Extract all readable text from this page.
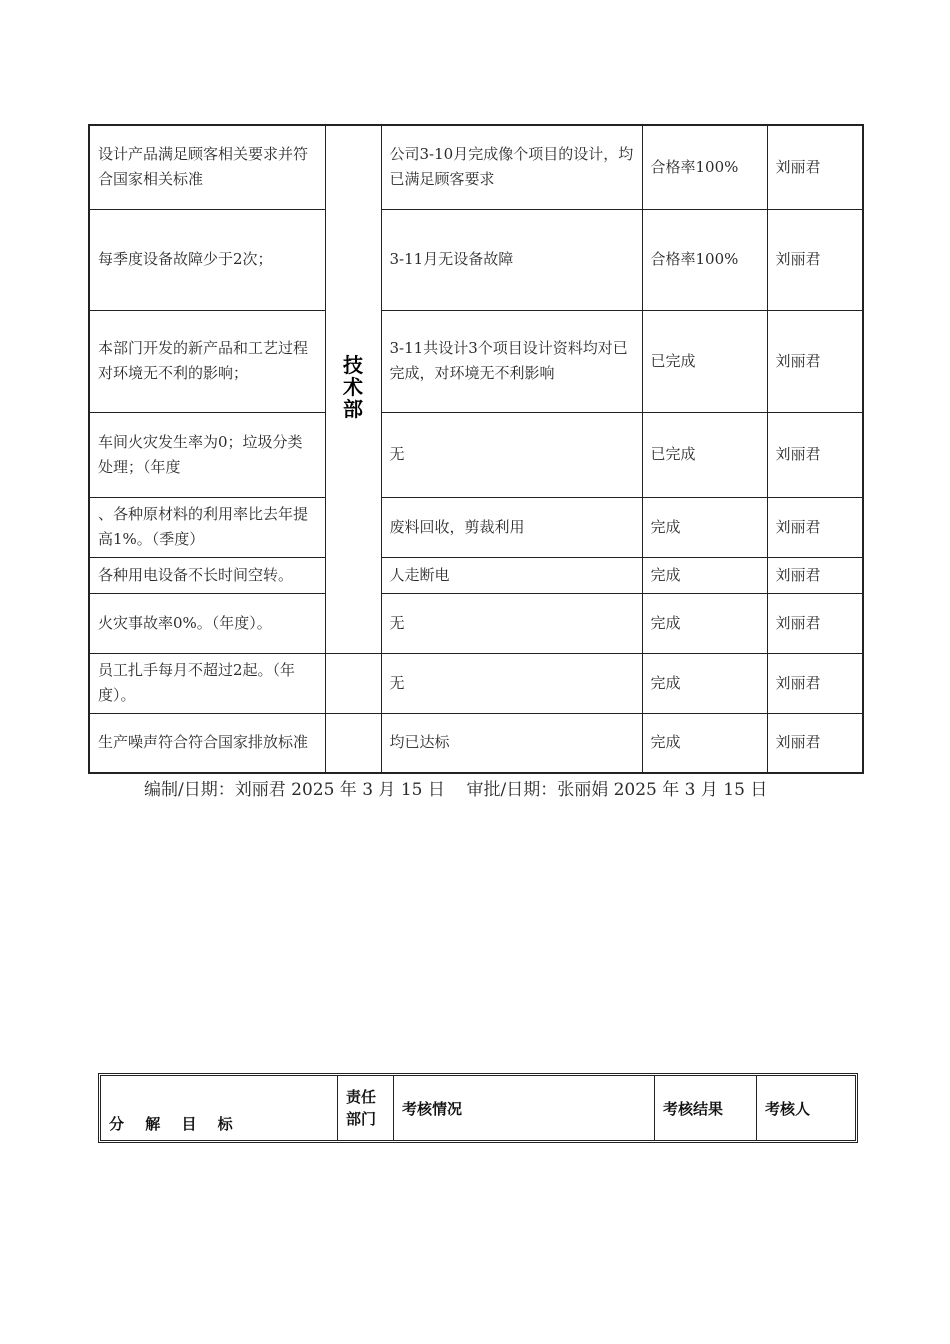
设计产品满足顾客相关要求并符合国家相关标准	技术部	公司3-10月完成像个项目的设计，均已满足顾客要求	合格率100%	刘丽君
每季度设备故障少于2次；		3-11月无设备故障	合格率100%	刘丽君
本部门开发的新产品和工艺过程对环境无不利的影响；		3-11共设计3个项目设计资料均对已完成，对环境无不利影响	已完成	刘丽君
车间火灾发生率为0；垃圾分类处理；（年度		无	已完成	刘丽君
、各种原材料的利用率比去年提高1%。（季度）		废料回收，剪裁利用	完成	刘丽君
各种用电设备不长时间空转。		人走断电	完成	刘丽君
火灾事故率0%。（年度）。		无	完成	刘丽君
员工扎手每月不超过2起。（年度）。		无	完成	刘丽君
生产噪声符合符合国家排放标准		均已达标	完成	刘丽君
编制/日期：刘丽君 2025 年 3 月 15 日    审批/日期：张丽娟 2025 年 3 月 15 日
分 解 目 标	责任部门	考核情况	考核结果	考核人
